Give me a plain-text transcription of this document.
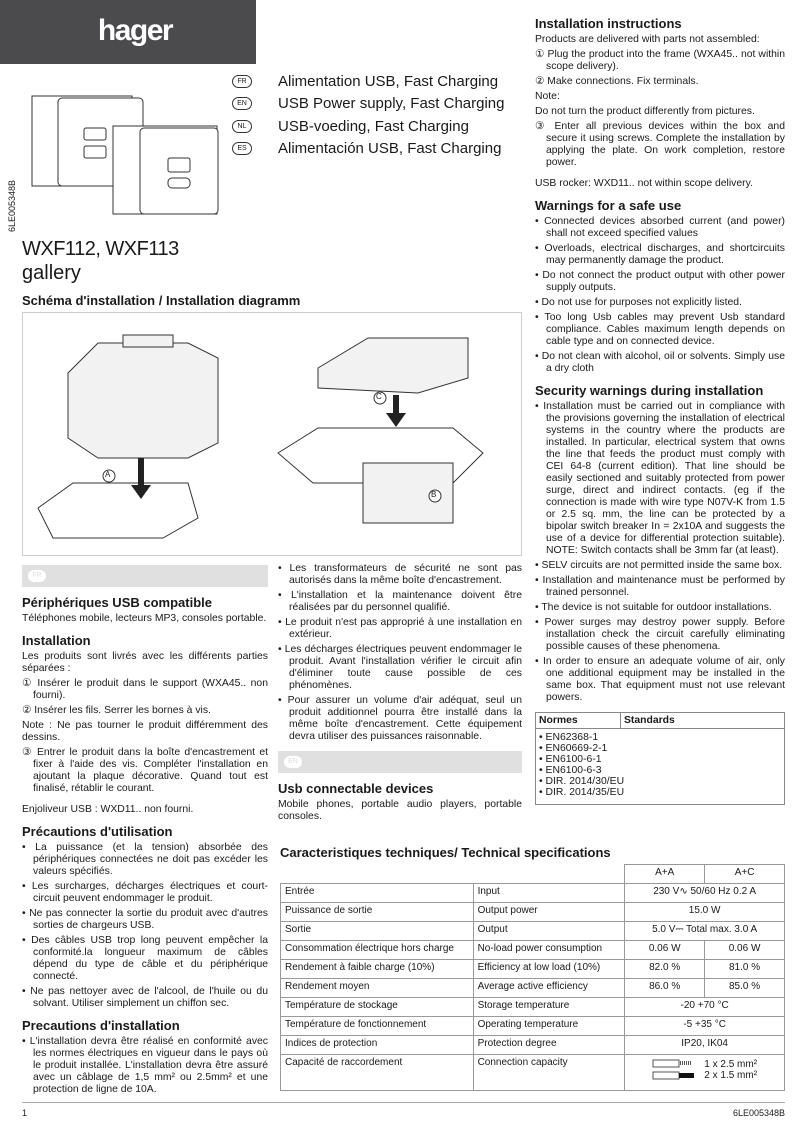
hager
6LE005348B
FR	Alimentation USB, Fast Charging
EN	USB Power supply, Fast Charging
NL	USB-voeding, Fast Charging
ES	Alimentación USB, Fast Charging
WXF112, WXF113
gallery
Schéma d'installation / Installation diagramm
A
B
C
FR
Périphériques USB compatible

Téléphones mobile, lecteurs MP3, consoles portable.

Installation

Les produits sont livrés avec les différents parties séparées :

① Insérer le produit dans le support (WXA45.. non fourni).

② Insérer les fils. Serrer les bornes à vis.

Note : Ne pas tourner le produit différemment des dessins.

③ Entrer le produit dans la boîte d'encastrement et fixer à l'aide des vis. Compléter l'installation en ajoutant la plaque décorative. Quand tout est finalisé, rétablir le courant.

Enjoliveur USB : WXD11.. non fourni.

Précautions d'utilisation

• La puissance (et la tension) absorbée des périphériques connectées ne doit pas excéder les valeurs spécifiés.

• Les surcharges, décharges électriques et court-circuit peuvent endommager le produit.

• Ne pas connecter la sortie du produit avec d'autres sorties de chargeurs USB.

• Des câbles USB trop long peuvent empêcher la conformité.la longueur maximum de câbles dépend du type de câble et du périphérique connecté.

• Ne pas nettoyer avec de l'alcool, de l'huile ou du solvant. Utiliser simplement un chiffon sec.

Precautions d'installation

• L'installation devra être réalisé en conformité avec les normes électriques en vigueur dans le pays où le produit installée. L'installation devra être assuré avec un câblage de 1,5 mm² ou 2.5mm² et une protection de ligne de 10A.

• Les transformateurs de sécurité ne sont pas autorisés dans la même boîte d'encastrement.

• L'installation et la maintenance doivent être réalisées par du personnel qualifié.

• Le produit n'est pas approprié à une installation en extérieur.

• Les décharges électriques peuvent endommager le produit. Avant l'installation vérifier le circuit afin d'éliminer toute cause possible de ces phénomènes.

• Pour assurer un volume d'air adéquat, seul un produit additionnel pourra être installé dans la même boîte d'encastrement. Cette équipement devra utiliser des puissances raisonnable.

EN
Usb connectable devices

Mobile phones, portable audio players, portable consoles.

Installation instructions

Products are delivered with parts not assembled:

① Plug the product into the frame (WXA45.. not within scope delivery).

② Make connections. Fix terminals.

Note:

Do not turn the product differently from pictures.

③ Enter all previous devices within the box and secure it using screws. Complete the installation by applying the plate. On work completion, restore power.

USB rocker: WXD11.. not within scope delivery.

Warnings for a safe use

• Connected devices absorbed current (and power) shall not exceed specified values

• Overloads, electrical discharges, and shortcircuits may permanently damage the product.

• Do not connect the product output with other power supply outputs.

• Do not use for purposes not explicitly listed.

• Too long Usb cables may prevent Usb standard compliance. Cables maximum length depends on cable type and on connected device.

• Do not clean with alcohol, oil or solvents. Simply use a dry cloth

Security warnings during installation

• Installation must be carried out in compliance with the provisions governing the installation of electrical systems in the country where the products are installed. In particular, electrical system that owns the line that feeds the product must comply with CEI 64-8 (current edition). That line should be easily sectioned and suitably protected from power surge, direct and indirect contacts. (eg if the connection is made with wire type N07V-K from 1.5 or 2.5 sq. mm, the line can be protected by a bipolar switch breaker In = 2x10A and suggests the use of a device for differential protection suitable). NOTE: Switch contacts shall be 3mm far (at least).

• SELV circuits are not permitted inside the same box.

• Installation and maintenance must be performed by trained personnel.

• The device is not suitable for outdoor installations.

• Power surges may destroy power supply. Before installation check the circuit carefully eliminating possible causes of these phenomena.

• In order to ensure an adequate volume of air, only one additional equipment may be installed in the same box. That equipment must not use relevant powers.

Normes	Standards
• EN62368-1
• EN60669-2-1
• EN6100-6-1
• EN6100-6-3
• DIR. 2014/30/EU
• DIR. 2014/35/EU
Caracteristiques techniques/ Technical specifications
		A+A	A+C
Entrée	Input	230 V∿ 50/60 Hz 0.2 A	
Puissance de sortie	Output power	15.0 W	
Sortie	Output	5.0 V⎓ Total max. 3.0 A	
Consommation électrique hors charge	No-load power consumption	0.06 W	0.06 W
Rendement à faible charge (10%)	Efficiency at low load (10%)	82.0 %	81.0 %
Rendement moyen	Average active efficiency	86.0 %	85.0 %
Température de stockage	Storage temperature	-20 +70 °C	
Température de fonctionnement	Operating temperature	-5 +35 °C	
Indices de protection	Protection degree	IP20, IK04	
Capacité de raccordement	Connection capacity	1 x 2.5 mm²
2 x 1.5 mm²	
1	6LE005348B
